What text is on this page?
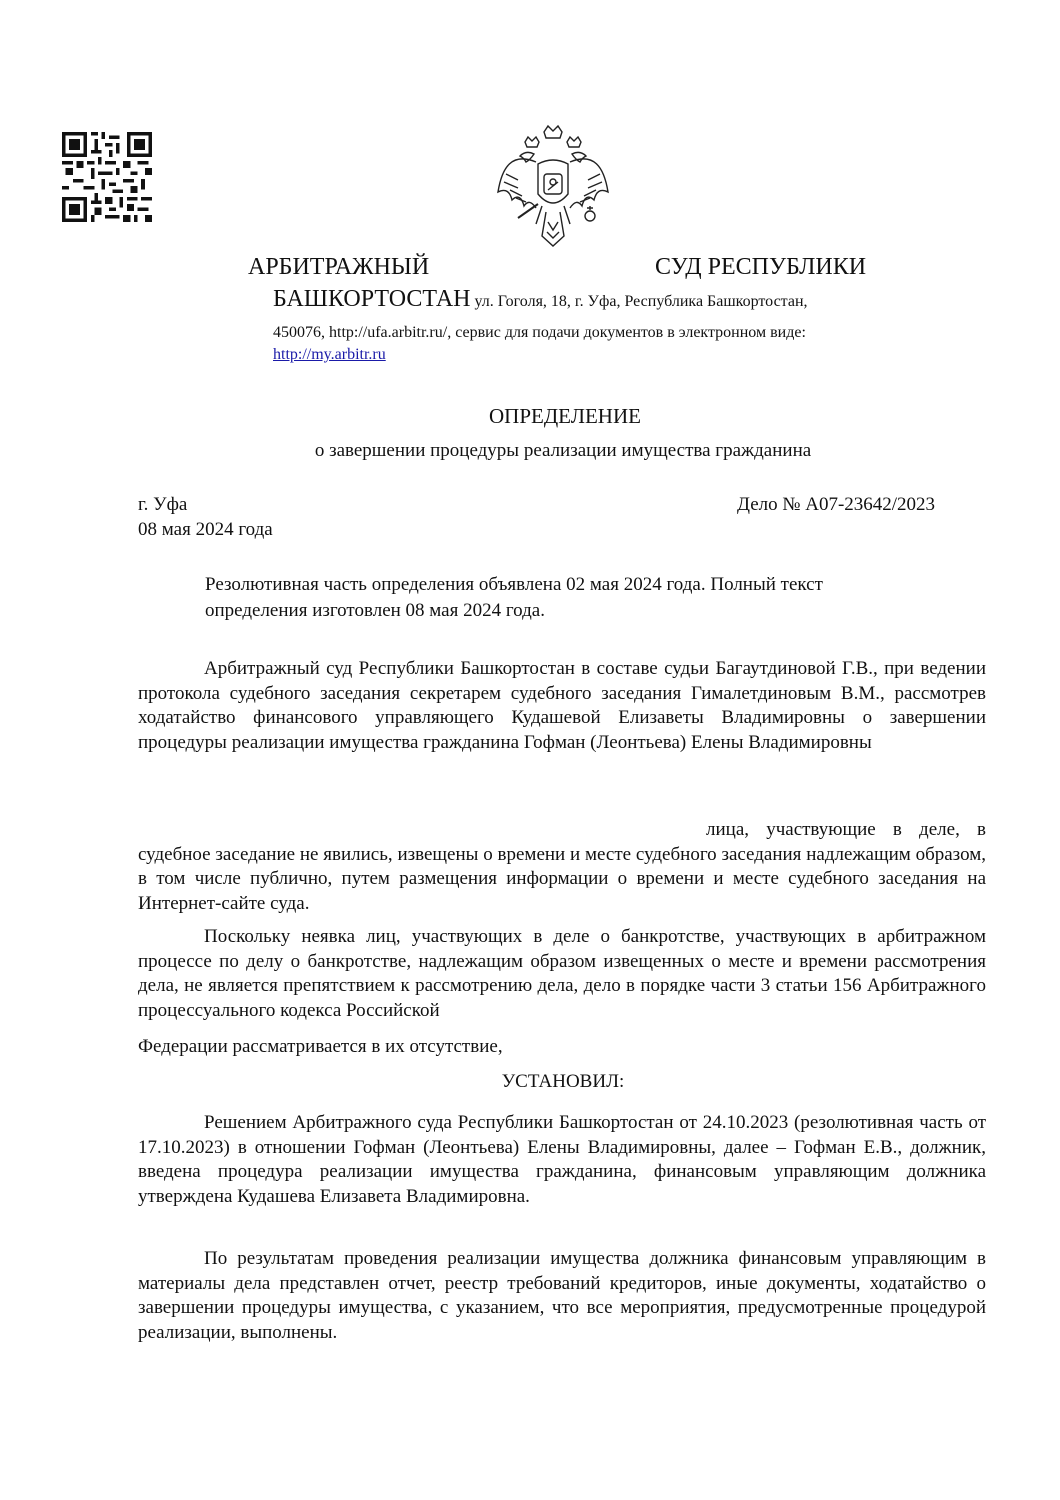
АРБИТРАЖНЫЙ	СУД РЕСПУБЛИКИ
БАШКОРТОСТАН ул. Гоголя, 18, г. Уфа, Республика Башкортостан,
450076, http://ufa.arbitr.ru/, сервис для подачи документов в электронном виде:
http://my.arbitr.ru
ОПРЕДЕЛЕНИЕ
о завершении процедуры реализации имущества гражданина
г. Уфа
08 мая 2024 года
Дело № А07-23642/2023
Резолютивная часть определения объявлена 02 мая 2024 года. Полный текст определения изготовлен 08 мая 2024 года.
Арбитражный суд Республики Башкортостан в составе судьи Багаутдиновой Г.В., при ведении протокола судебного заседания секретарем судебного заседания Гималетдиновым В.М., рассмотрев ходатайство финансового управляющего Кудашевой Елизаветы Владимировны о завершении процедуры реализации имущества гражданина Гофман (Леонтьева) Елены Владимировны
лица, участвующие в деле, в судебное заседание не явились, извещены о времени и месте судебного заседания надлежащим образом, в том числе публично, путем размещения информации о времени и месте судебного заседания на Интернет-сайте суда.
Поскольку неявка лиц, участвующих в деле о банкротстве, участвующих в арбитражном процессе по делу о банкротстве, надлежащим образом извещенных о месте и времени рассмотрения дела, не является препятствием к рассмотрению дела, дело в порядке части 3 статьи 156 Арбитражного процессуального кодекса Российской
Федерации рассматривается в их отсутствие,
УСТАНОВИЛ:
Решением Арбитражного суда Республики Башкортостан от 24.10.2023 (резолютивная часть от 17.10.2023) в отношении Гофман (Леонтьева) Елены Владимировны, далее – Гофман Е.В., должник, введена процедура реализации имущества гражданина, финансовым управляющим должника утверждена Кудашева Елизавета Владимировна.
По результатам проведения реализации имущества должника финансовым управляющим в материалы дела представлен отчет, реестр требований кредиторов, иные документы, ходатайство о завершении процедуры имущества, с указанием, что все мероприятия, предусмотренные процедурой реализации, выполнены.
